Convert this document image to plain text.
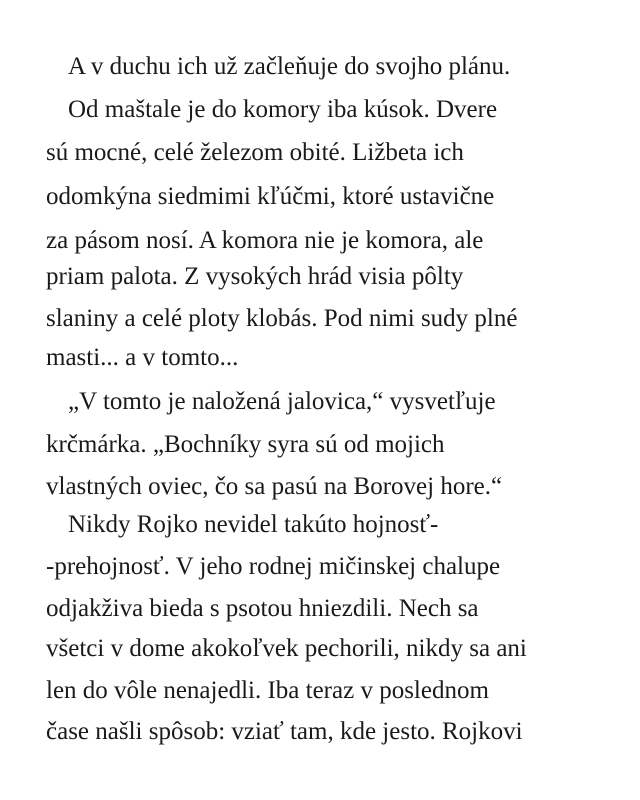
A v duchu ich už začleňuje do svojho plánu.
Od maštale je do komory iba kúsok. Dvere
sú mocné, celé železom obité. Ližbeta ich
odomkýna siedmimi kľúčmi, ktoré ustavične
za pásom nosí. A komora nie je komora, ale
priam palota. Z vysokých hrád visia pôlty
slaniny a celé ploty klobás. Pod nimi sudy plné
masti... a v tomto...
„V tomto je naložená jalovica,“ vysvetľuje
krčmárka. „Bochníky syra sú od mojich
vlastných oviec, čo sa pasú na Borovej hore.“
Nikdy Rojko nevidel takúto hojnosť-
-prehojnosť. V jeho rodnej mičinskej chalupe
odjakživa bieda s psotou hniezdili. Nech sa
všetci v dome akokoľvek pechorili, nikdy sa ani
len do vôle nenajedli. Iba teraz v poslednom
čase našli spôsob: vziať tam, kde jesto. Rojkovi
